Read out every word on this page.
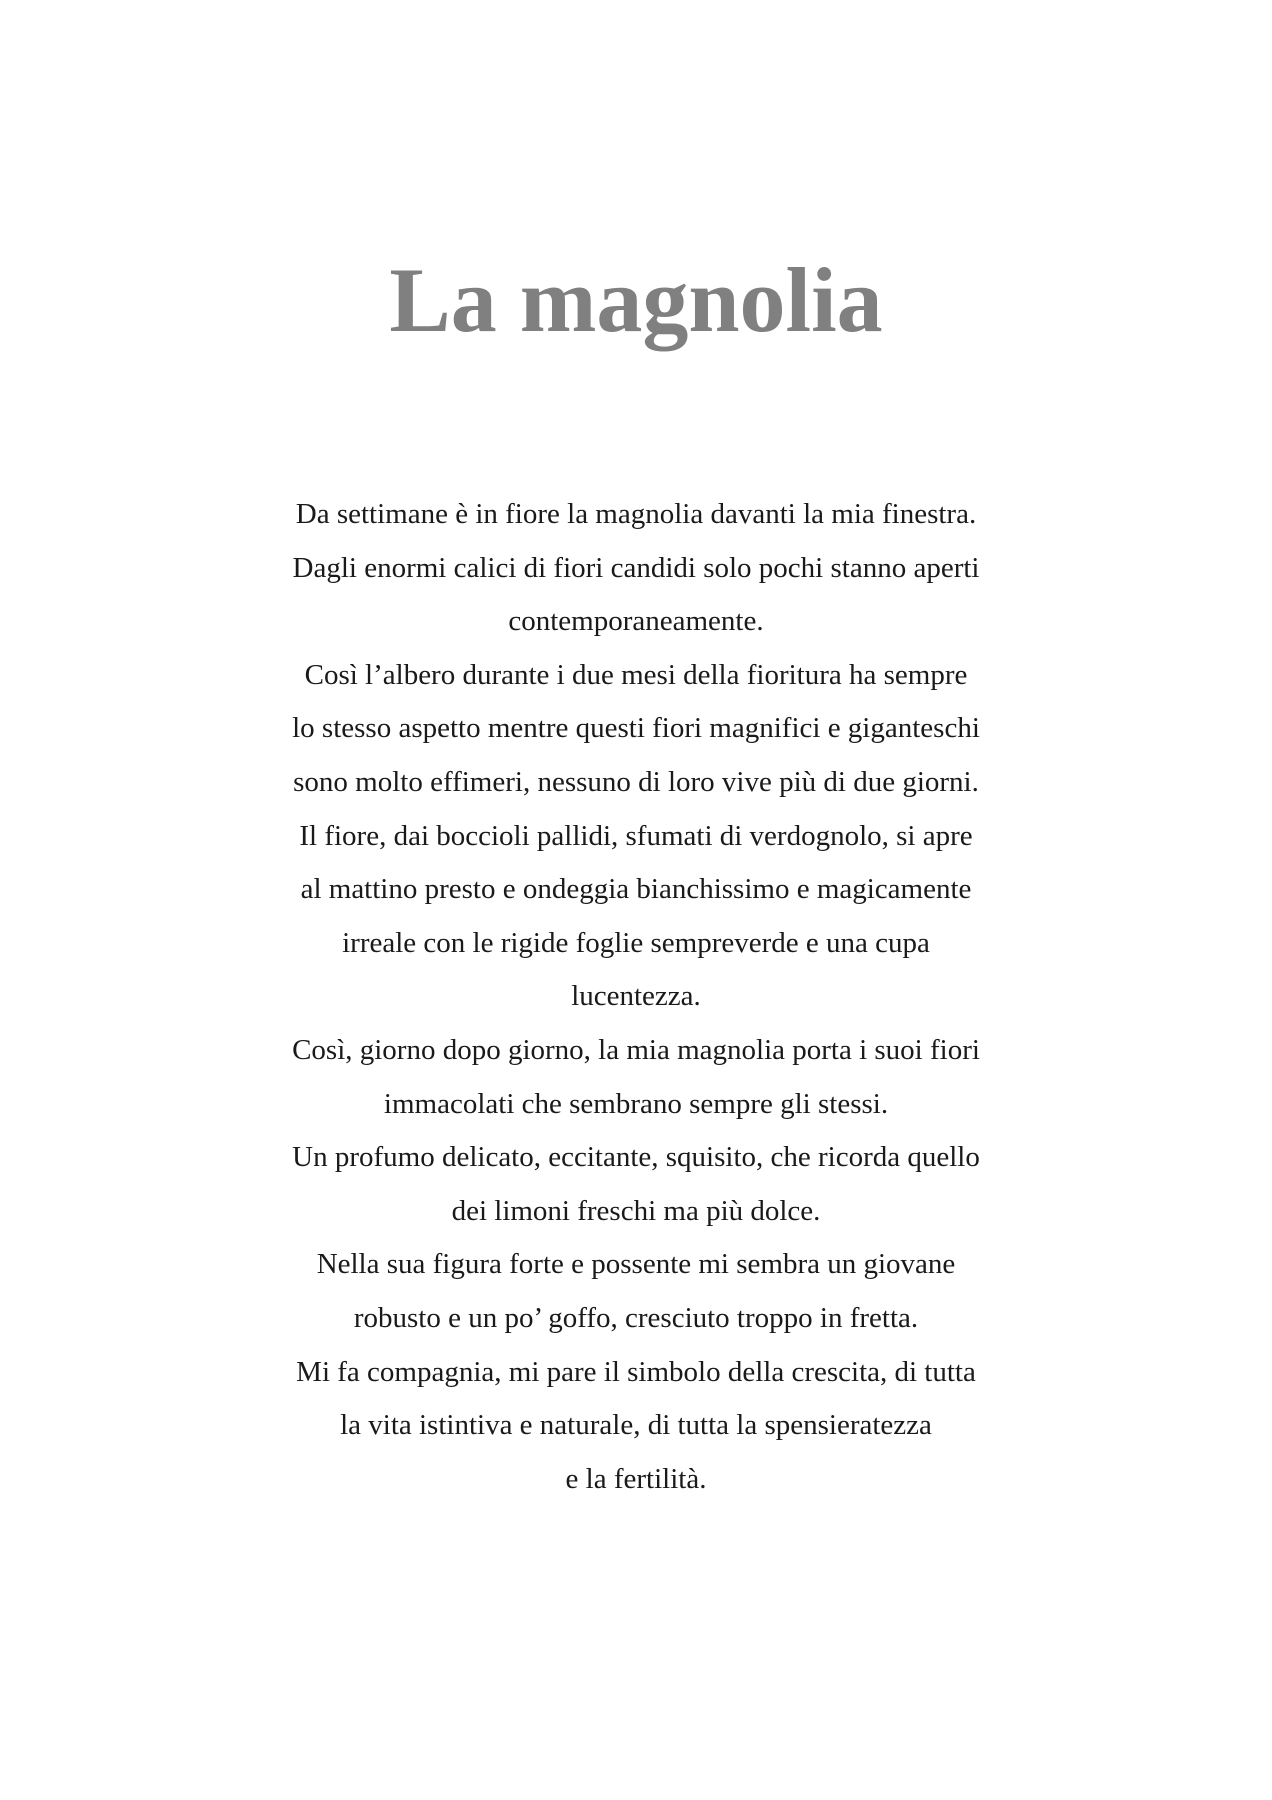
La magnolia
Da settimane è in fiore la magnolia davanti la mia finestra.
Dagli enormi calici di fiori candidi solo pochi stanno aperti
contemporaneamente.
Così l’albero durante i due mesi della fioritura ha sempre
lo stesso aspetto mentre questi fiori magnifici e giganteschi
sono molto effimeri, nessuno di loro vive più di due giorni.
Il fiore, dai boccioli pallidi, sfumati di verdognolo, si apre
al mattino presto e ondeggia bianchissimo e magicamente
irreale con le rigide foglie sempreverde e una cupa
lucentezza.
Così, giorno dopo giorno, la mia magnolia porta i suoi fiori
immacolati che sembrano sempre gli stessi.
Un profumo delicato, eccitante, squisito, che ricorda quello
dei limoni freschi ma più dolce.
Nella sua figura forte e possente mi sembra un giovane
robusto e un po’ goffo, cresciuto troppo in fretta.
Mi fa compagnia, mi pare il simbolo della crescita, di tutta
la vita istintiva e naturale, di tutta la spensieratezza
e la fertilità.
